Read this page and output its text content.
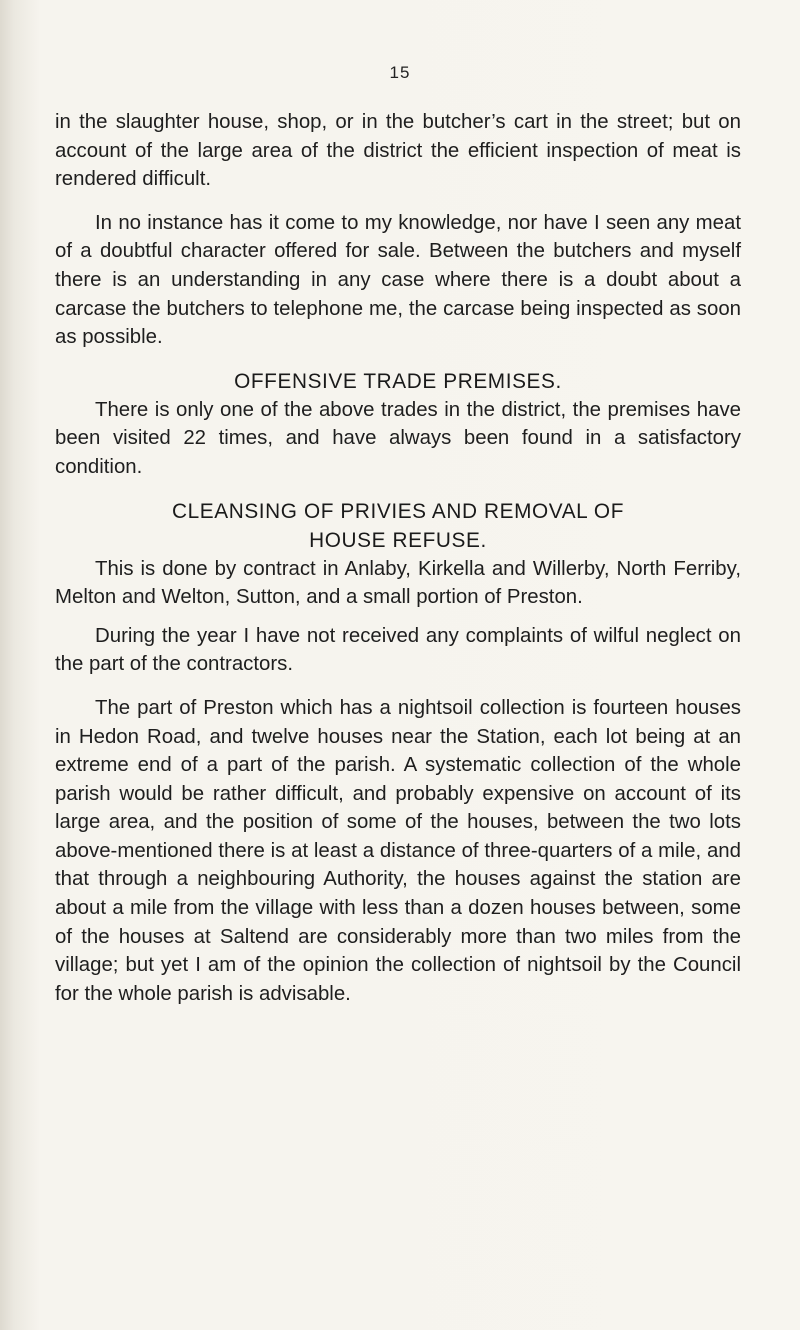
15

in the slaughter house, shop, or in the butcher’s cart in the street; but on account of the large area of the district the efficient inspection of meat is rendered difficult.

In no instance has it come to my knowledge, nor have I seen any meat of a doubtful character offered for sale. Between the butchers and myself there is an understanding in any case where there is a doubt about a carcase the butchers to telephone me, the carcase being inspected as soon as possible.

OFFENSIVE TRADE PREMISES.

There is only one of the above trades in the district, the premises have been visited 22 times, and have always been found in a satisfactory condition.

CLEANSING OF PRIVIES AND REMOVAL OF
HOUSE REFUSE.

This is done by contract in Anlaby, Kirkella and Willerby, North Ferriby, Melton and Welton, Sutton, and a small portion of Preston.

During the year I have not received any complaints of wilful neglect on the part of the contractors.

The part of Preston which has a nightsoil collection is fourteen houses in Hedon Road, and twelve houses near the Station, each lot being at an extreme end of a part of the parish. A systematic collection of the whole parish would be rather difficult, and probably expensive on account of its large area, and the position of some of the houses, between the two lots above-mentioned there is at least a distance of three-quarters of a mile, and that through a neighbouring Authority, the houses against the station are about a mile from the village with less than a dozen houses between, some of the houses at Saltend are considerably more than two miles from the village; but yet I am of the opinion the collection of nightsoil by the Council for the whole parish is advisable.
